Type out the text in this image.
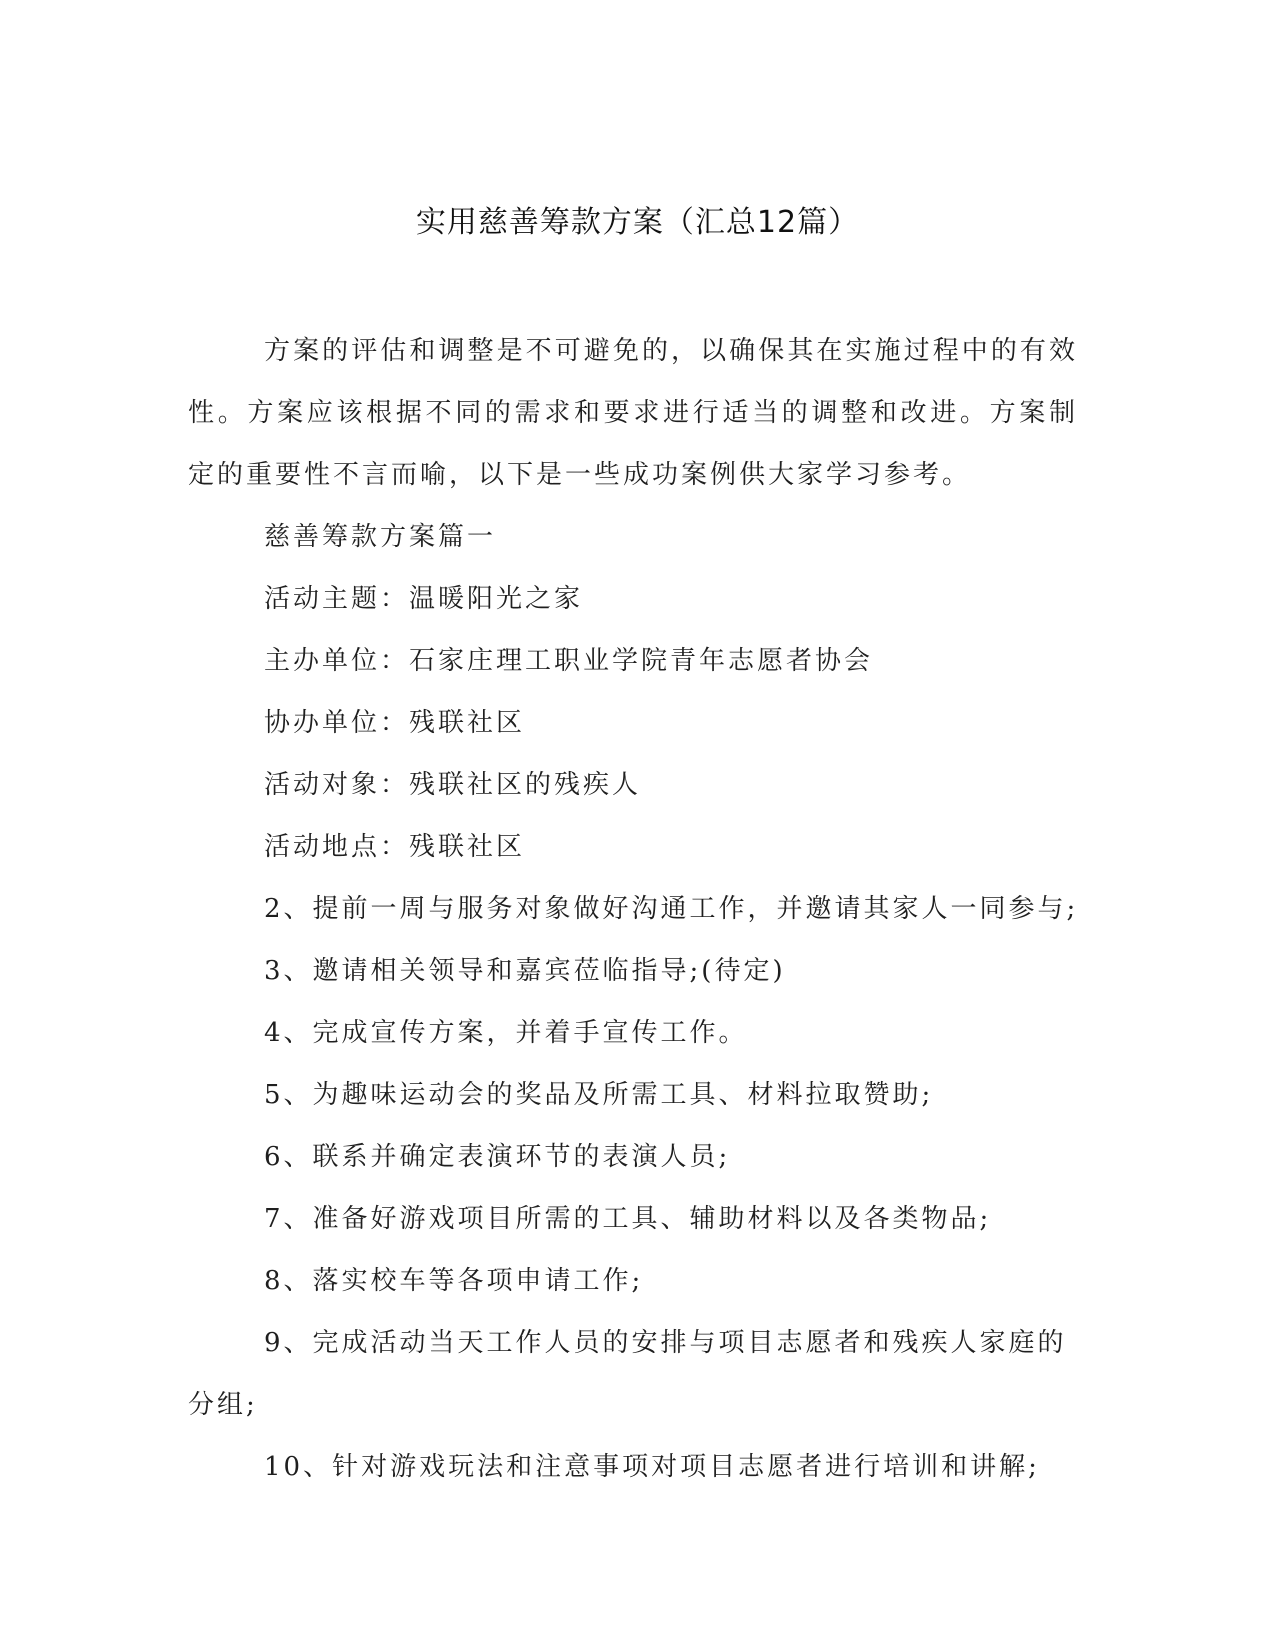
实用慈善筹款方案（汇总12篇）
方案的评估和调整是不可避免的，以确保其在实施过程中的有效性。方案应该根据不同的需求和要求进行适当的调整和改进。方案制定的重要性不言而喻，以下是一些成功案例供大家学习参考。
慈善筹款方案篇一
活动主题：温暖阳光之家
主办单位：石家庄理工职业学院青年志愿者协会
协办单位：残联社区
活动对象：残联社区的残疾人
活动地点：残联社区
2、提前一周与服务对象做好沟通工作，并邀请其家人一同参与;
3、邀请相关领导和嘉宾莅临指导;(待定)
4、完成宣传方案，并着手宣传工作。
5、为趣味运动会的奖品及所需工具、材料拉取赞助;
6、联系并确定表演环节的表演人员;
7、准备好游戏项目所需的工具、辅助材料以及各类物品;
8、落实校车等各项申请工作;
9、完成活动当天工作人员的安排与项目志愿者和残疾人家庭的分组;
10、针对游戏玩法和注意事项对项目志愿者进行培训和讲解;
